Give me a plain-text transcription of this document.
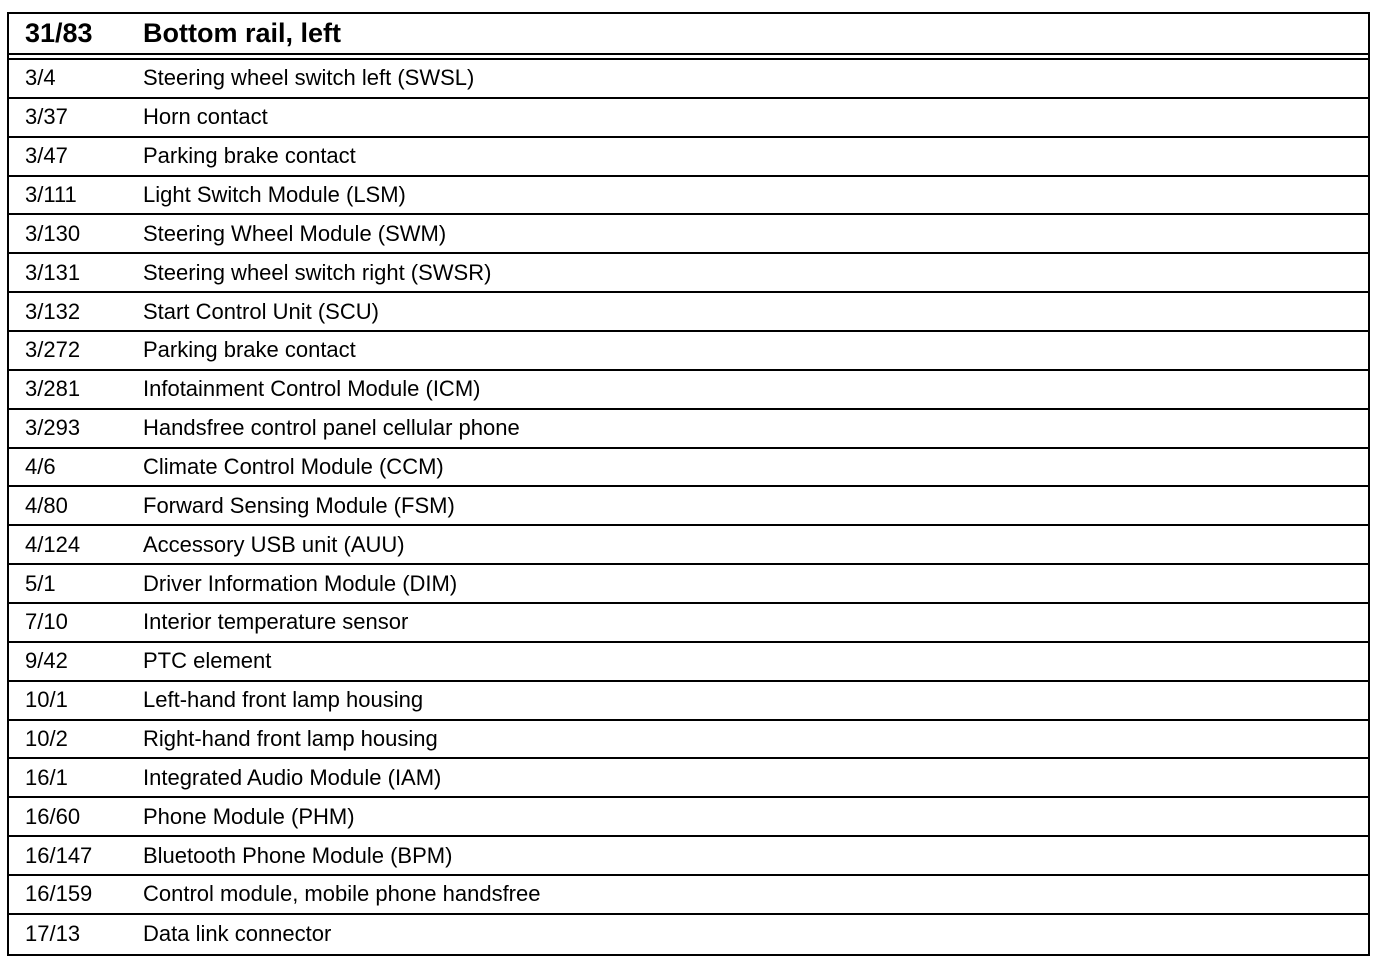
31/83	Bottom rail, left
3/4	Steering wheel switch left (SWSL)
3/37	Horn contact
3/47	Parking brake contact
3/111	Light Switch Module (LSM)
3/130	Steering Wheel Module (SWM)
3/131	Steering wheel switch right (SWSR)
3/132	Start Control Unit (SCU)
3/272	Parking brake contact
3/281	Infotainment Control Module (ICM)
3/293	Handsfree control panel cellular phone
4/6	Climate Control Module (CCM)
4/80	Forward Sensing Module (FSM)
4/124	Accessory USB unit (AUU)
5/1	Driver Information Module (DIM)
7/10	Interior temperature sensor
9/42	PTC element
10/1	Left-hand front lamp housing
10/2	Right-hand front lamp housing
16/1	Integrated Audio Module (IAM)
16/60	Phone Module (PHM)
16/147	Bluetooth Phone Module (BPM)
16/159	Control module, mobile phone handsfree
17/13	Data link connector
